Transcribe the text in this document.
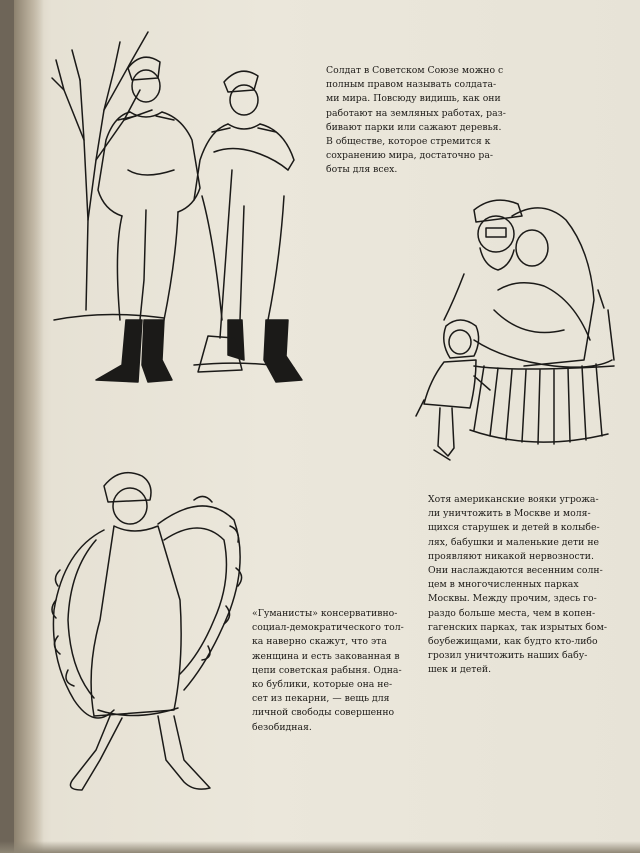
Солдат в Советском Союзе можно с
полным правом называть солдата-
ми мира. Повсюду видишь, как они
работают на земляных работах, раз-
бивают парки или сажают деревья.
В обществе, которое стремится к
сохранению мира, достаточно ра-
боты для всех.
Хотя американские вояки угрожа-
ли уничтожить в Москве и моля-
щихся старушек и детей в колыбе-
лях, бабушки и маленькие дети не
проявляют никакой нервозности.
Они наслаждаются весенним солн-
цем в многочисленных парках
Москвы. Между прочим, здесь го-
раздо больше места, чем в копен-
гагенских парках, так изрытых бом-
боубежищами, как будто кто-либо
грозил уничтожить наших бабу-
шек и детей.
«Гуманисты» консервативно-
социал-демократического тол-
ка наверно скажут, что эта
женщина и есть закованная в
цепи советская рабыня. Одна-
ко бублики, которые она не-
сет из пекарни, — вещь для
личной свободы совершенно
безобидная.
